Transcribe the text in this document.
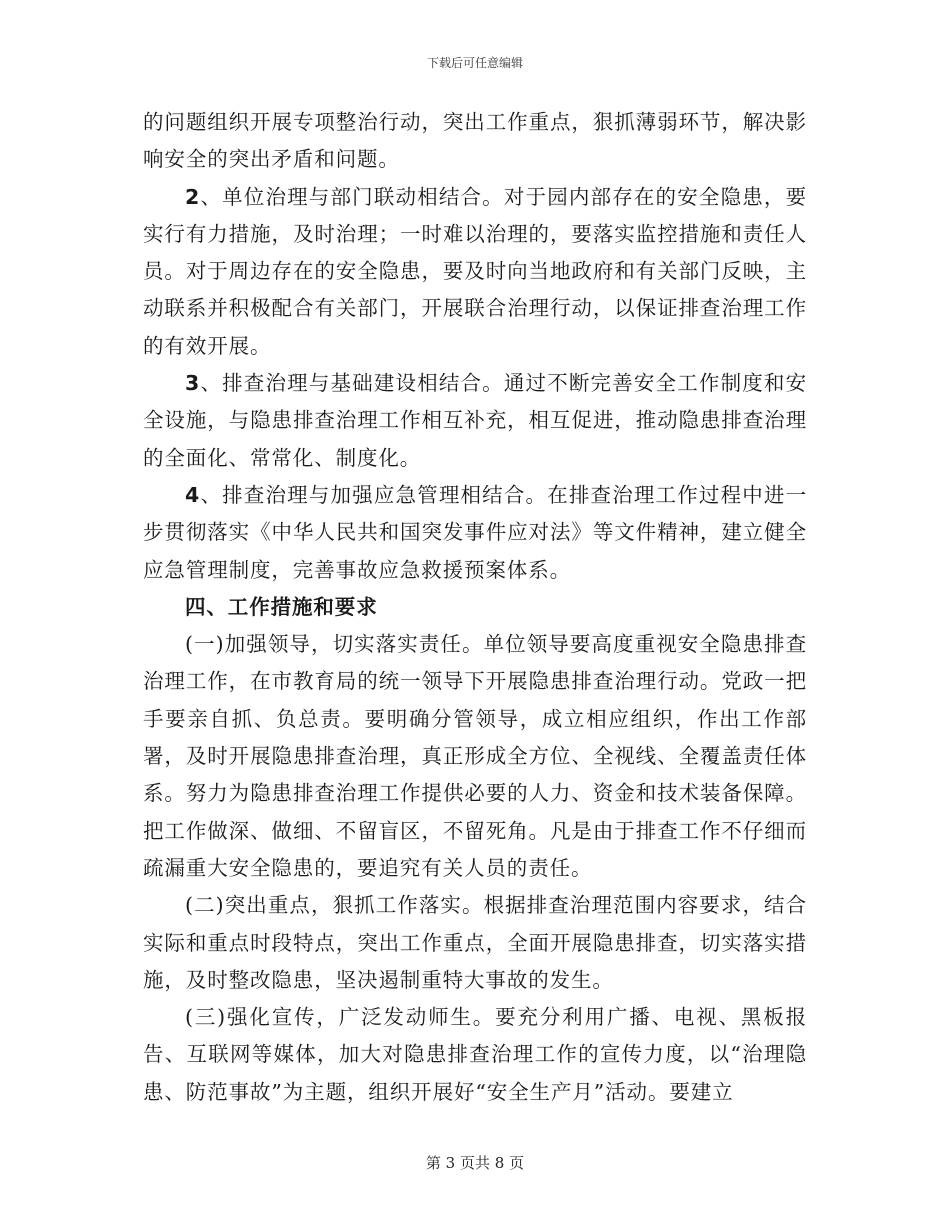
下载后可任意编辑

的问题组织开展专项整治行动，突出工作重点，狠抓薄弱环节，解决影响安全的突出矛盾和问题。

2、单位治理与部门联动相结合。对于园内部存在的安全隐患，要实行有力措施，及时治理；一时难以治理的，要落实监控措施和责任人员。对于周边存在的安全隐患，要及时向当地政府和有关部门反映，主动联系并积极配合有关部门，开展联合治理行动，以保证排查治理工作的有效开展。

3、排查治理与基础建设相结合。通过不断完善安全工作制度和安全设施，与隐患排查治理工作相互补充，相互促进，推动隐患排查治理的全面化、常常化、制度化。

4、排查治理与加强应急管理相结合。在排查治理工作过程中进一步贯彻落实《中华人民共和国突发事件应对法》等文件精神，建立健全应急管理制度，完善事故应急救援预案体系。

四、工作措施和要求

(一)加强领导，切实落实责任。单位领导要高度重视安全隐患排查治理工作，在市教育局的统一领导下开展隐患排查治理行动。党政一把手要亲自抓、负总责。要明确分管领导，成立相应组织，作出工作部署，及时开展隐患排查治理，真正形成全方位、全视线、全覆盖责任体系。努力为隐患排查治理工作提供必要的人力、资金和技术装备保障。把工作做深、做细、不留盲区，不留死角。凡是由于排查工作不仔细而疏漏重大安全隐患的，要追究有关人员的责任。

(二)突出重点，狠抓工作落实。根据排查治理范围内容要求，结合实际和重点时段特点，突出工作重点，全面开展隐患排查，切实落实措施，及时整改隐患，坚决遏制重特大事故的发生。

(三)强化宣传，广泛发动师生。要充分利用广播、电视、黑板报告、互联网等媒体，加大对隐患排查治理工作的宣传力度，以“治理隐患、防范事故”为主题，组织开展好“安全生产月”活动。要建立

第 3 页共 8 页
